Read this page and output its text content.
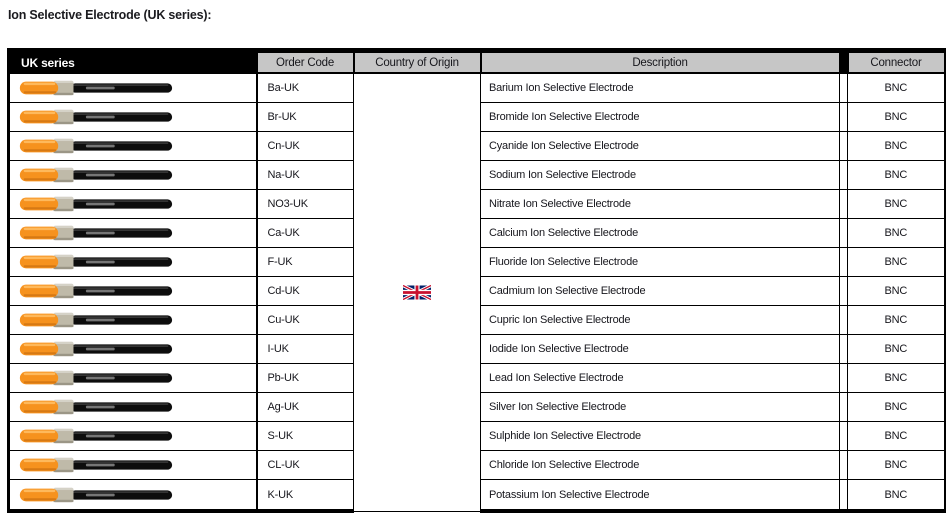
Ion Selective Electrode (UK series):
UK series	Order Code	Country of Origin	Description		Connector

	Ba-UK		Barium Ion Selective Electrode		BNC

	Br-UK		Bromide Ion Selective Electrode		BNC

	Cn-UK		Cyanide Ion Selective Electrode		BNC

	Na-UK		Sodium Ion Selective Electrode		BNC

	NO3-UK		Nitrate Ion Selective Electrode		BNC

	Ca-UK		Calcium Ion Selective Electrode		BNC

	F-UK		Fluoride Ion Selective Electrode		BNC

	Cd-UK		Cadmium Ion Selective Electrode		BNC

	Cu-UK		Cupric Ion Selective Electrode		BNC

	I-UK		Iodide Ion Selective Electrode		BNC

	Pb-UK		Lead Ion Selective Electrode		BNC

	Ag-UK		Silver Ion Selective Electrode		BNC

	S-UK		Sulphide Ion Selective Electrode		BNC

	CL-UK		Chloride Ion Selective Electrode		BNC

	K-UK		Potassium Ion Selective Electrode		BNC
